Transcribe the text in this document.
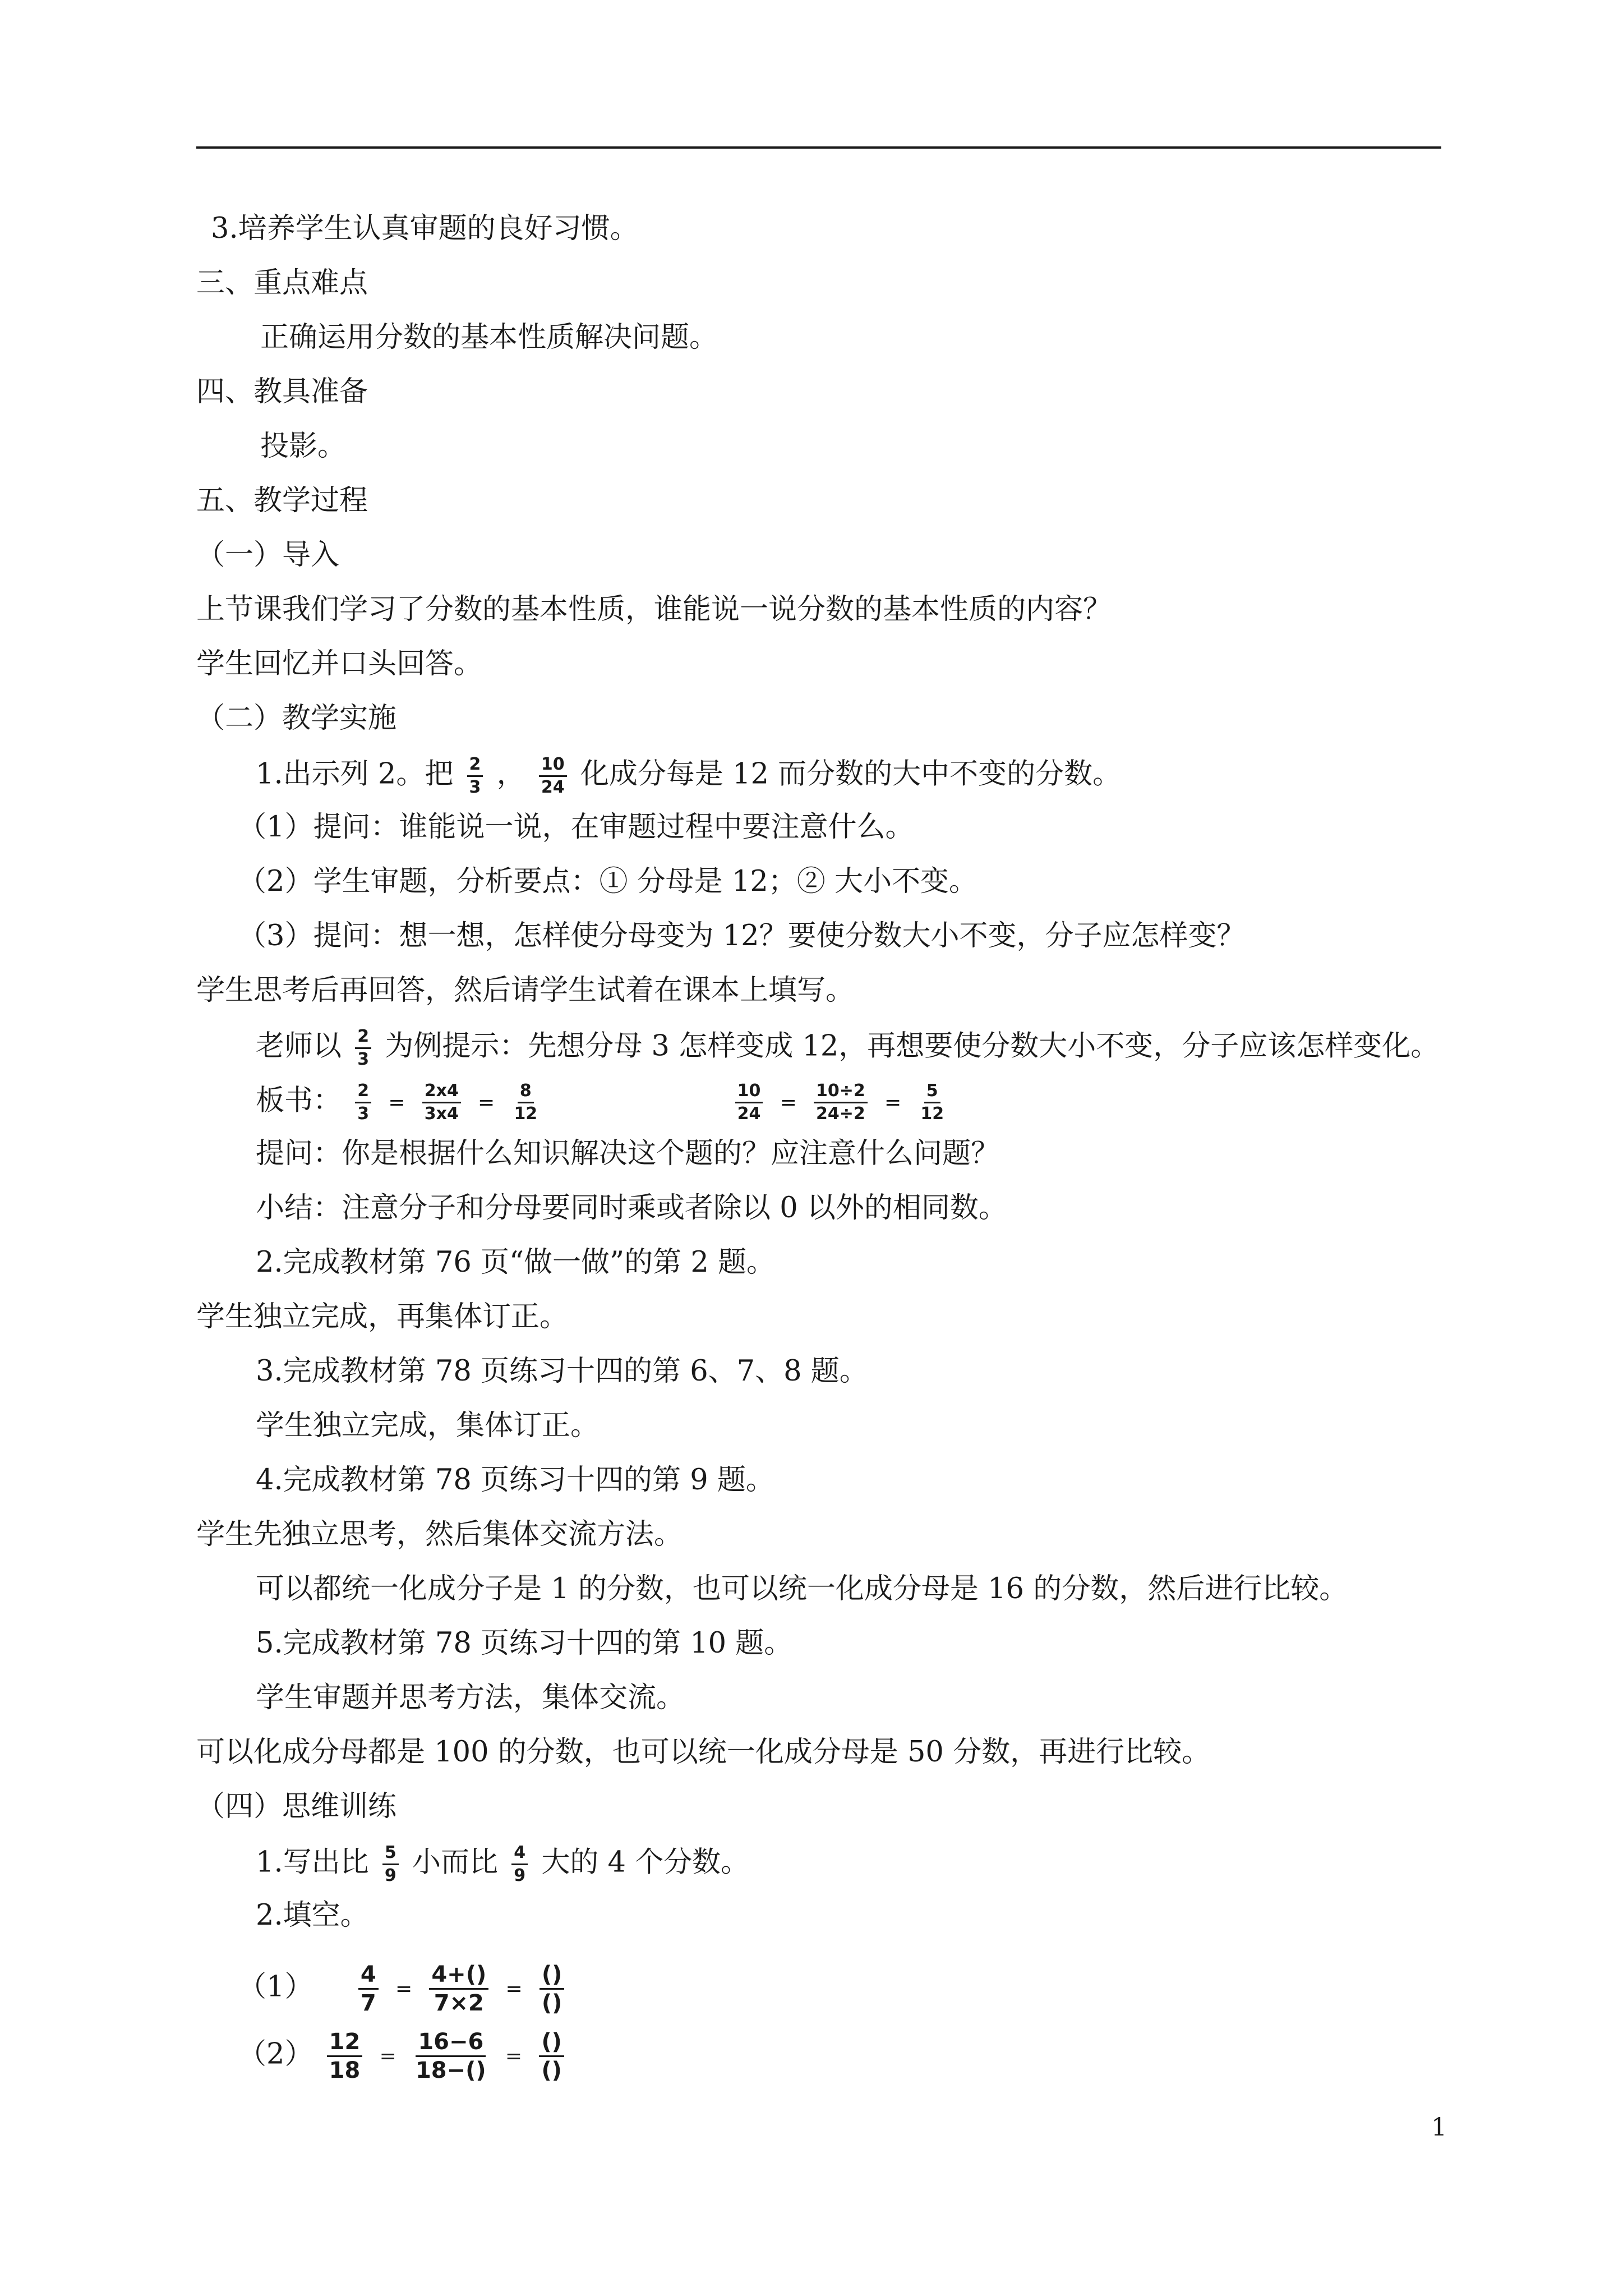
3.培养学生认真审题的良好习惯。
三、重点难点
正确运用分数的基本性质解决问题。
四、教具准备
投影。
五、教学过程
（一）导入
上节课我们学习了分数的基本性质，谁能说一说分数的基本性质的内容？
学生回忆并口头回答。
（二）教学实施
1.出示列 2。把 $\frac{2}{3}$ ， $\frac{10}{24}$ 化成分每是 12 而分数的大中不变的分数。
（1）提问：谁能说一说，在审题过程中要注意什么。
（2）学生审题，分析要点：① 分母是 12；② 大小不变。
（3）提问：想一想，怎样使分母变为 12？要使分数大小不变，分子应怎样变？
学生思考后再回答，然后请学生试着在课本上填写。
老师以 $\frac{2}{3}$ 为例提示：先想分母 3 怎样变成 12，再想要使分数大小不变，分子应该怎样变化。
板书： $\frac{2}{3} = \frac{2x4}{3x4} = \frac{8}{12}$
	$\frac{10}{24} = \frac{10\div 2}{24\div 2} = \frac{5}{12}$
提问：你是根据什么知识解决这个题的？应注意什么问题？
小结：注意分子和分母要同时乘或者除以 0 以外的相同数。
2.完成教材第 76 页“做一做”的第 2 题。
学生独立完成，再集体订正。
3.完成教材第 78 页练习十四的第 6、7、8 题。
学生独立完成，集体订正。
4.完成教材第 78 页练习十四的第 9 题。
学生先独立思考，然后集体交流方法。
可以都统一化成分子是 1 的分数，也可以统一化成分母是 16 的分数，然后进行比较。
5.完成教材第 78 页练习十四的第 10 题。
学生审题并思考方法，集体交流。
可以化成分母都是 100 的分数，也可以统一化成分母是 50 分数，再进行比较。
（四）思维训练
1.写出比 $\frac{5}{9}$ 小而比 $\frac{4}{9}$ 大的 4 个分数。
2.填空。
$(1) \frac{4}{7} = \frac{4+()}{7\times 2} = \frac{()}{()}$
$(2) \frac{12}{18} = \frac{16-6}{18-()} = \frac{()}{()}$
1
